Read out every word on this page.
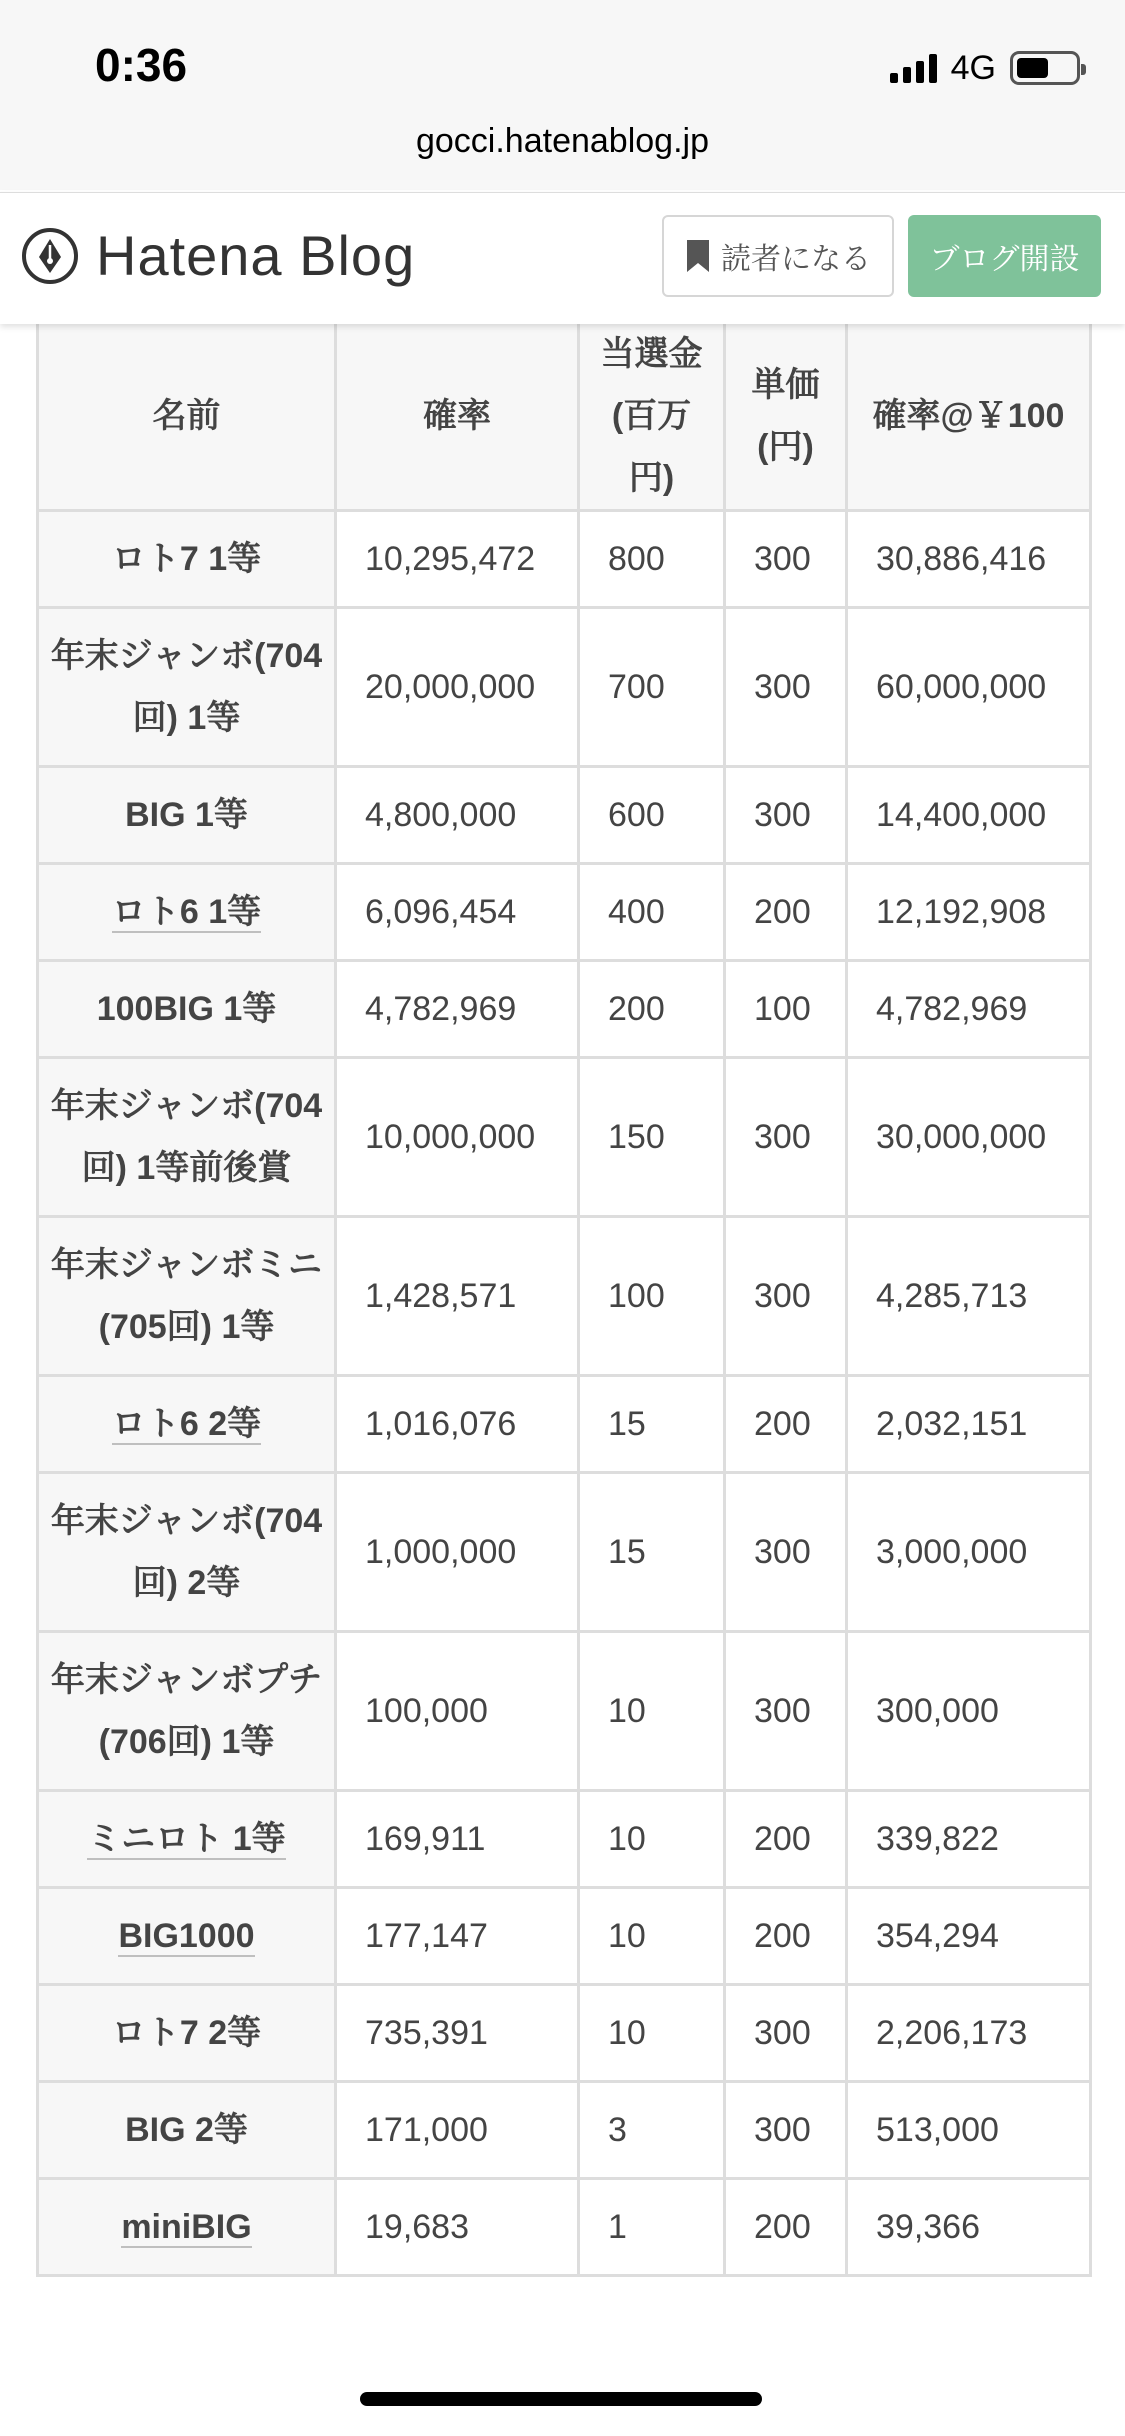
0:36	4G
gocci.hatenablog.jp
Hatena Blog	読者になる ブログ開設
名前	確率	当選金(百万円)	単価(円)	確率@￥100
ロト7 1等	10,295,472	800	300	30,886,416
年末ジャンボ(704回) 1等	20,000,000	700	300	60,000,000
BIG 1等	4,800,000	600	300	14,400,000
ロト6 1等	6,096,454	400	200	12,192,908
100BIG 1等	4,782,969	200	100	4,782,969
年末ジャンボ(704回) 1等前後賞	10,000,000	150	300	30,000,000
年末ジャンボミニ (705回) 1等	1,428,571	100	300	4,285,713
ロト6 2等	1,016,076	15	200	2,032,151
年末ジャンボ(704回) 2等	1,000,000	15	300	3,000,000
年末ジャンボプチ (706回) 1等	100,000	10	300	300,000
ミニロト 1等	169,911	10	200	339,822
BIG1000	177,147	10	200	354,294
ロト7 2等	735,391	10	300	2,206,173
BIG 2等	171,000	3	300	513,000
miniBIG	19,683	1	200	39,366
